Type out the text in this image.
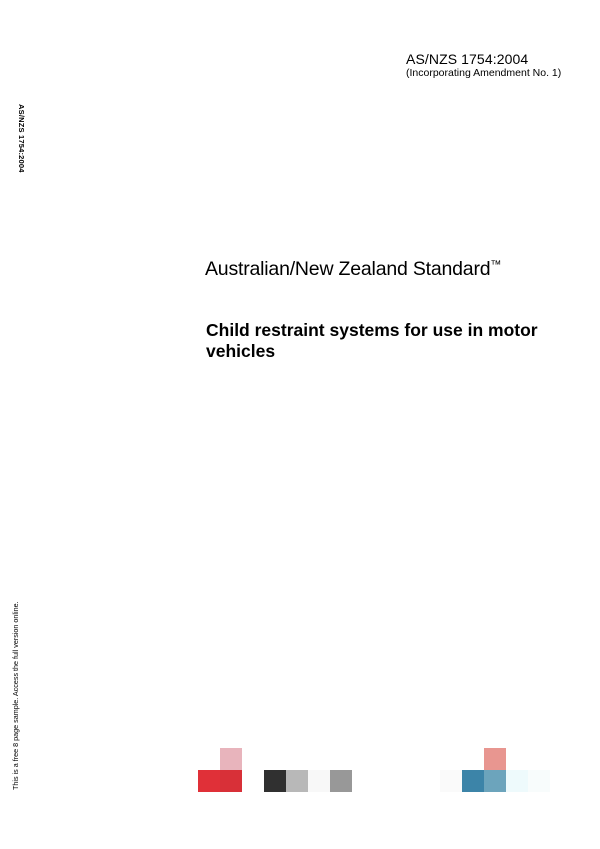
AS/NZS 1754:2004
(Incorporating Amendment No. 1)
AS/NZS 1754:2004
This is a free 8 page sample. Access the full version online.
Australian/New Zealand Standard™
Child restraint systems for use in motor vehicles
